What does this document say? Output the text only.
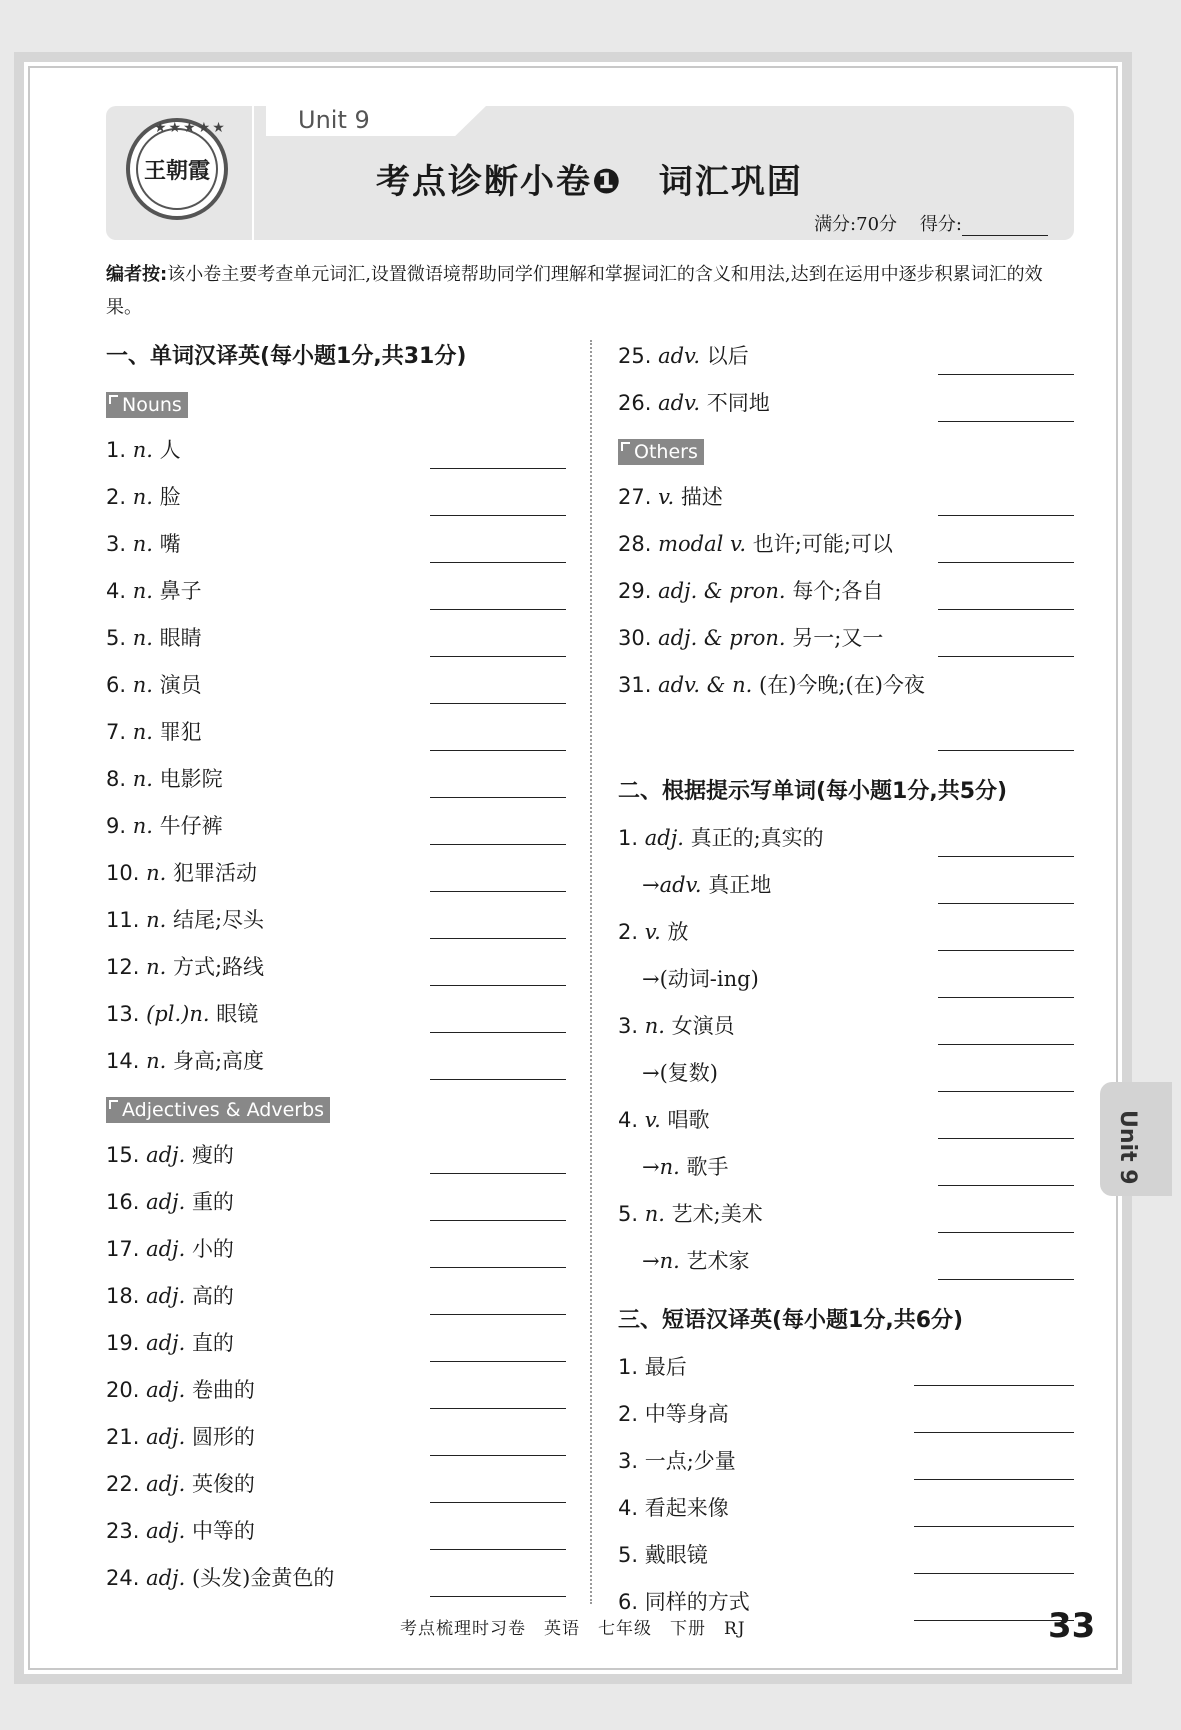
★★★★★
王朝霞
Unit 9
考点诊断小卷❶　词汇巩固
满分:70分 得分:
编者按:该小卷主要考查单元词汇,设置微语境帮助同学们理解和掌握词汇的含义和用法,达到在运用中逐步积累词汇的效果。
一、单词汉译英(每小题1分,共31分)
Nouns
1. n. 人
2. n. 脸
3. n. 嘴
4. n. 鼻子
5. n. 眼睛
6. n. 演员
7. n. 罪犯
8. n. 电影院
9. n. 牛仔裤
10. n. 犯罪活动
11. n. 结尾;尽头
12. n. 方式;路线
13. (pl.)n. 眼镜
14. n. 身高;高度
Adjectives & Adverbs
15. adj. 瘦的
16. adj. 重的
17. adj. 小的
18. adj. 高的
19. adj. 直的
20. adj. 卷曲的
21. adj. 圆形的
22. adj. 英俊的
23. adj. 中等的
24. adj. (头发)金黄色的
25. adv. 以后
26. adv. 不同地
Others
27. v. 描述
28. modal v. 也许;可能;可以
29. adj. & pron. 每个;各自
30. adj. & pron. 另一;又一
31. adv. & n. (在)今晚;(在)今夜
二、根据提示写单词(每小题1分,共5分)
1. adj. 真正的;真实的
→adv. 真正地
2. v. 放
→(动词-ing)
3. n. 女演员
→(复数)
4. v. 唱歌
→n. 歌手
5. n. 艺术;美术
→n. 艺术家
三、短语汉译英(每小题1分,共6分)
1. 最后
2. 中等身高
3. 一点;少量
4. 看起来像
5. 戴眼镜
6. 同样的方式
Unit 9
考点梳理时习卷　英语　七年级　下册　RJ	33
